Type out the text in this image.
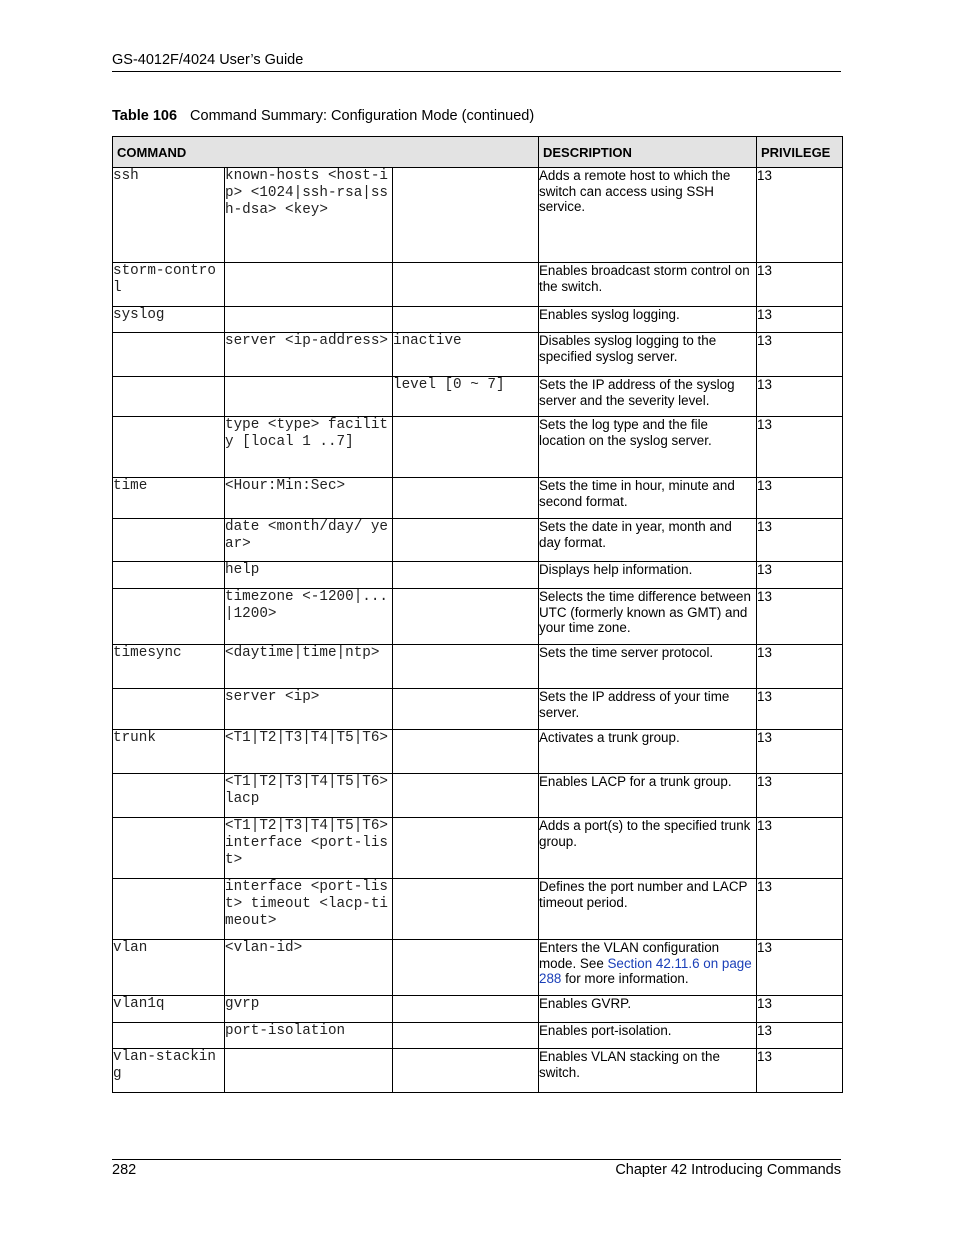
GS-4012F/4024 User’s Guide
Table 106 Command Summary: Configuration Mode (continued)
COMMAND			DESCRIPTION	PRIVILEGE
ssh	known-hosts <host-ip> <1024|ssh-rsa|ssh-dsa> <key>		Adds a remote host to which the switch can access using SSH service.	13
storm-control			Enables broadcast storm control on the switch.	13
syslog			Enables syslog logging.	13
	server <ip-address>	inactive	Disables syslog logging to the specified syslog server.	13
		level [0 ~ 7]	Sets the IP address of the syslog server and the severity level.	13
	type <type> facility [local 1 ..7]		Sets the log type and the file location on the syslog server.	13
time	<Hour:Min:Sec>		Sets the time in hour, minute and second format.	13
	date <month/day/ year>		Sets the date in year, month and day format.	13
	help		Displays help information.	13
	timezone <-1200|...|1200>		Selects the time difference between UTC (formerly known as GMT) and your time zone.	13
timesync	<daytime|time|ntp>		Sets the time server protocol.	13
	server <ip>		Sets the IP address of your time server.	13
trunk	<T1|T2|T3|T4|T5|T6>		Activates a trunk group.	13
	<T1|T2|T3|T4|T5|T6>lacp		Enables LACP for a trunk group.	13
	<T1|T2|T3|T4|T5|T6>interface <port-list>		Adds a port(s) to the specified trunk group.	13
	interface <port-list> timeout <lacp-timeout>		Defines the port number and LACP timeout period.	13
vlan	<vlan-id>		Enters the VLAN configuration mode. See Section 42.11.6 on page 288 for more information.	13
vlan1q	gvrp		Enables GVRP.	13
	port-isolation		Enables port-isolation.	13
vlan-stacking			Enables VLAN stacking on the switch.	13
282	Chapter 42 Introducing Commands
